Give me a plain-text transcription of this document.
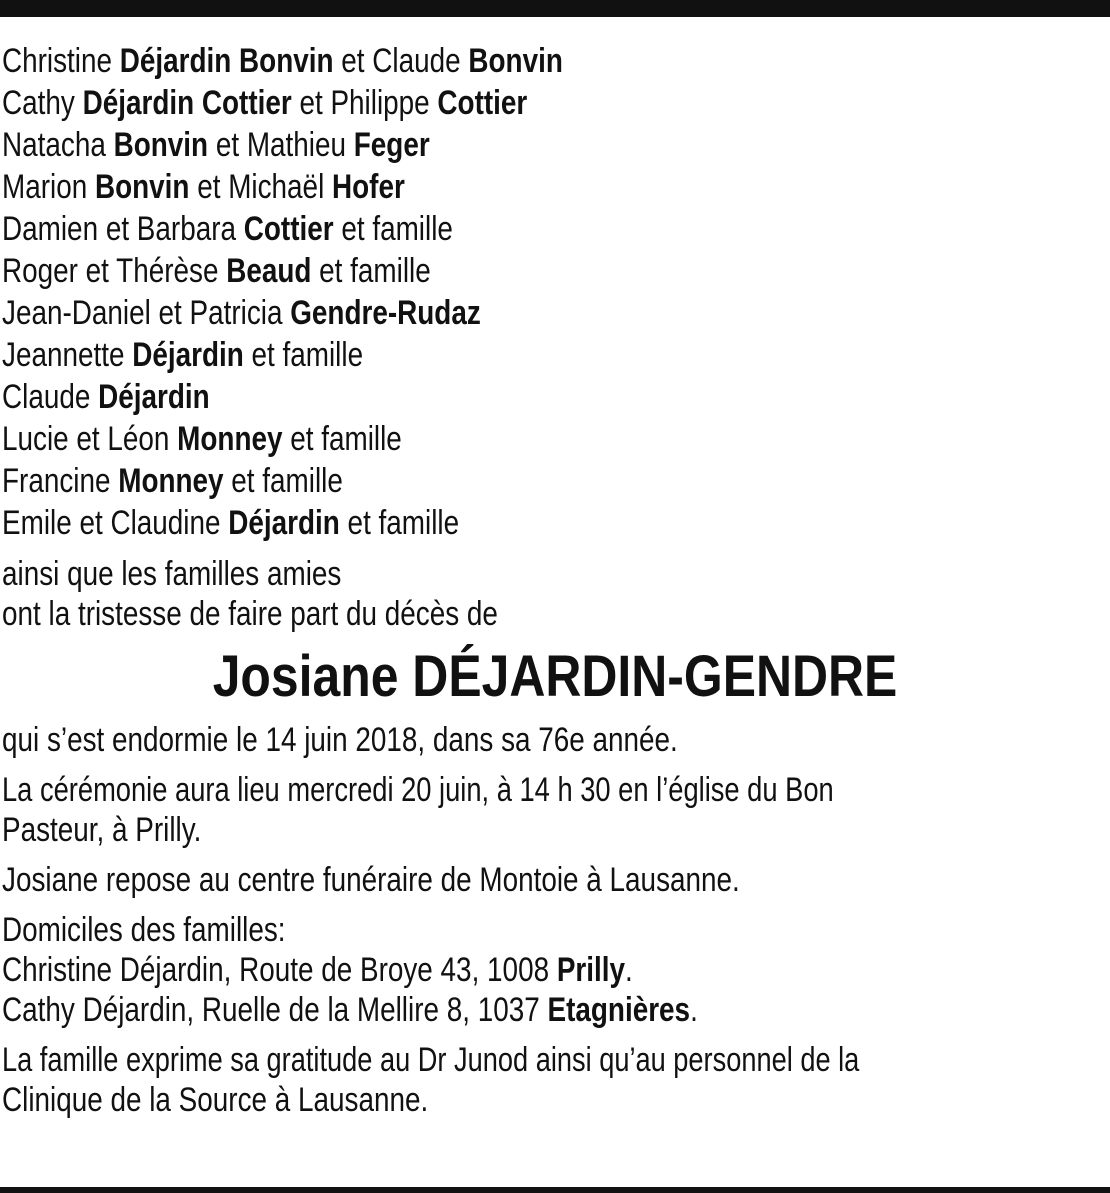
Christine Déjardin Bonvin et Claude Bonvin
Cathy Déjardin Cottier et Philippe Cottier
Natacha Bonvin et Mathieu Feger
Marion Bonvin et Michaël Hofer
Damien et Barbara Cottier et famille
Roger et Thérèse Beaud et famille
Jean-Daniel et Patricia Gendre-Rudaz
Jeannette Déjardin et famille
Claude Déjardin
Lucie et Léon Monney et famille
Francine Monney et famille
Emile et Claudine Déjardin et famille
ainsi que les familles amies
ont la tristesse de faire part du décès de
Josiane DÉJARDIN-GENDRE
qui s’est endormie le 14 juin 2018, dans sa 76e année.
La cérémonie aura lieu mercredi 20 juin, à 14 h 30 en l’église du Bon
Pasteur, à Prilly.
Josiane repose au centre funéraire de Montoie à Lausanne.
Domiciles des familles:
Christine Déjardin, Route de Broye 43, 1008 Prilly.
Cathy Déjardin, Ruelle de la Mellire 8, 1037 Etagnières.
La famille exprime sa gratitude au Dr Junod ainsi qu’au personnel de la
Clinique de la Source à Lausanne.
